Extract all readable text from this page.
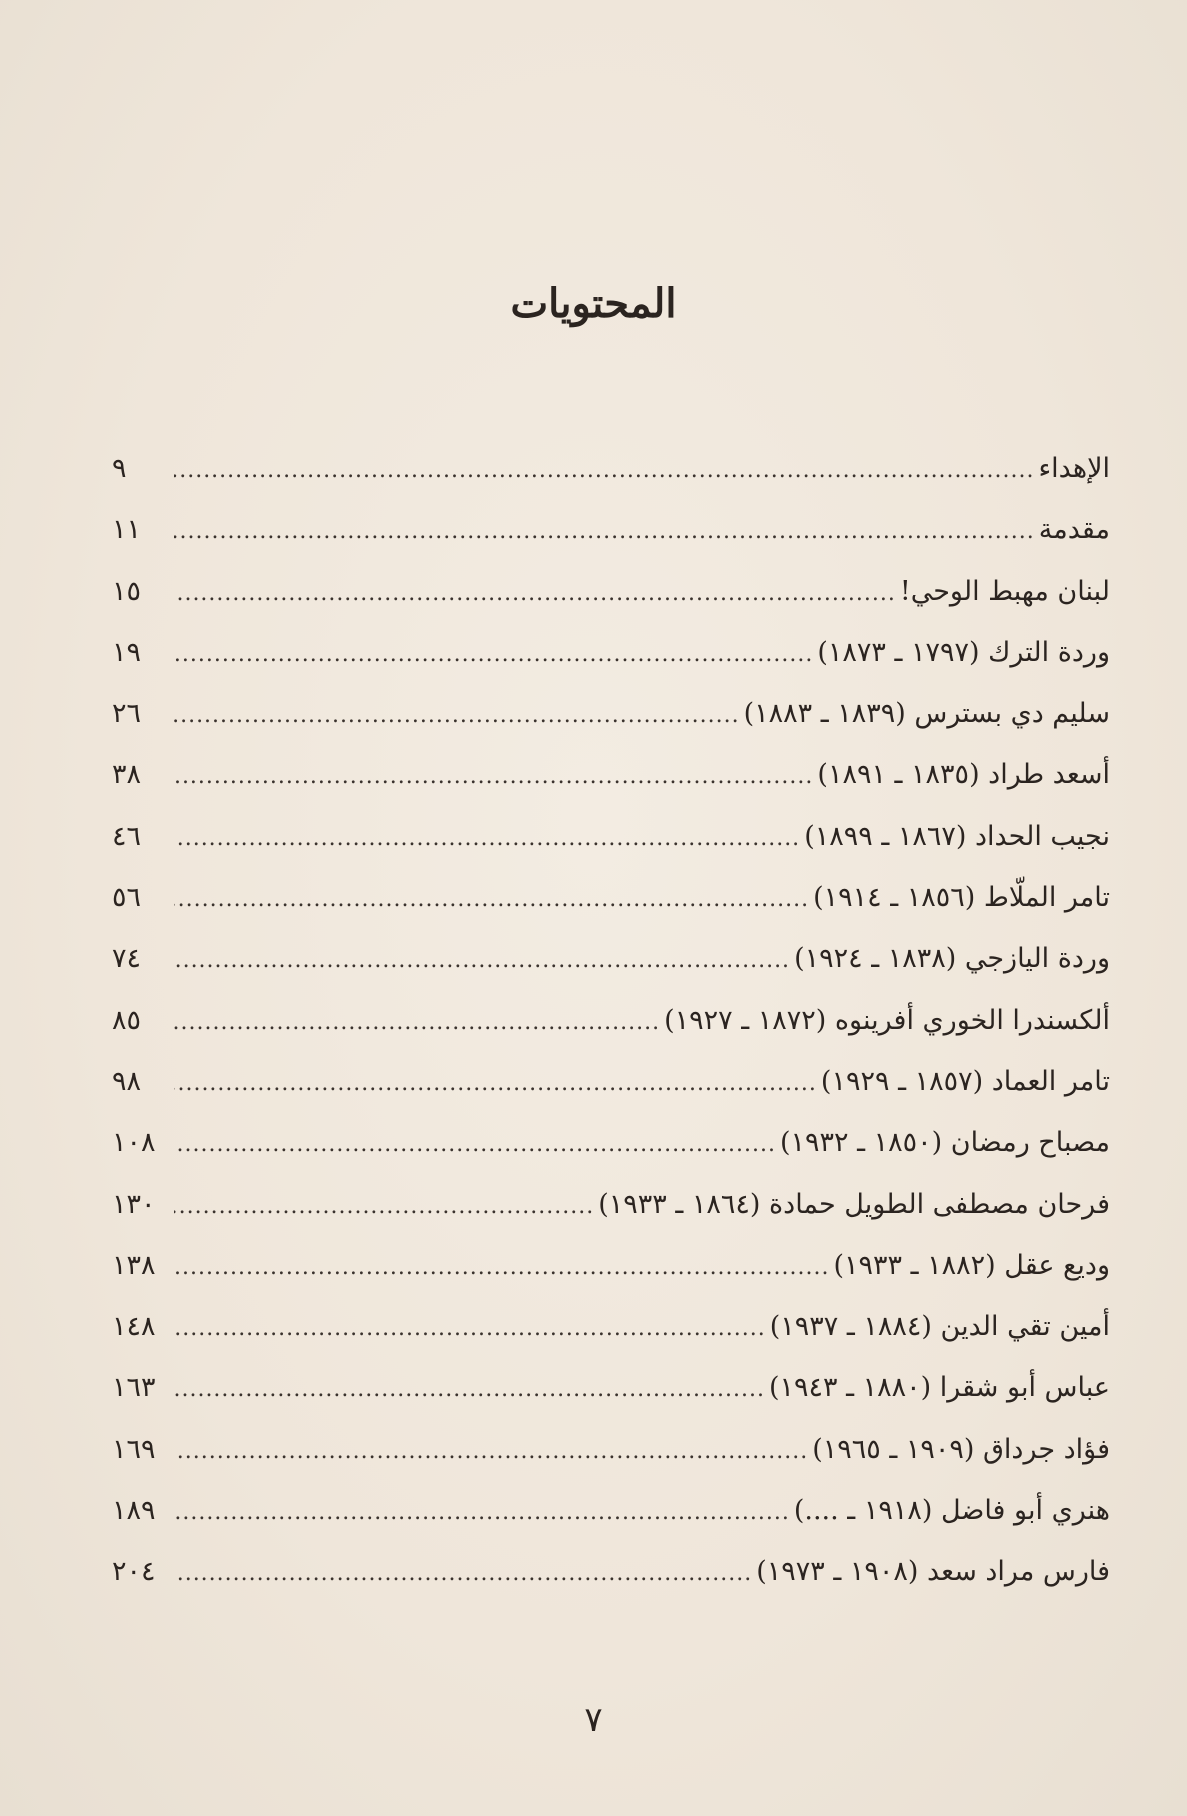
المحتويات
الإهداء
.....
٩
مقدمة
.....
١١
لبنان مهبط الوحي!
.....
١٥
وردة الترك (١٧٩٧ ـ ١٨٧٣)
.....
١٩
سليم دي بسترس (١٨٣٩ ـ ١٨٨٣)
.....
٢٦
أسعد طراد (١٨٣٥ ـ ١٨٩١)
.....
٣٨
نجيب الحداد (١٨٦٧ ـ ١٨٩٩)
.....
٤٦
تامر الملّاط (١٨٥٦ ـ ١٩١٤)
.....
٥٦
وردة اليازجي (١٨٣٨ ـ ١٩٢٤)
.....
٧٤
ألكسندرا الخوري أفرينوه (١٨٧٢ ـ ١٩٢٧)
.....
٨٥
تامر العماد (١٨٥٧ ـ ١٩٢٩)
.....
٩٨
مصباح رمضان (١٨٥٠ ـ ١٩٣٢)
.....
١٠٨
فرحان مصطفى الطويل حمادة (١٨٦٤ ـ ١٩٣٣)
.....
١٣٠
وديع عقل (١٨٨٢ ـ ١٩٣٣)
.....
١٣٨
أمين تقي الدين (١٨٨٤ ـ ١٩٣٧)
.....
١٤٨
عباس أبو شقرا (١٨٨٠ ـ ١٩٤٣)
.....
١٦٣
فؤاد جرداق (١٩٠٩ ـ ١٩٦٥)
.....
١٦٩
هنري أبو فاضل (١٩١٨ ـ ....)
.....
١٨٩
فارس مراد سعد (١٩٠٨ ـ ١٩٧٣)
.....
٢٠٤
٧
